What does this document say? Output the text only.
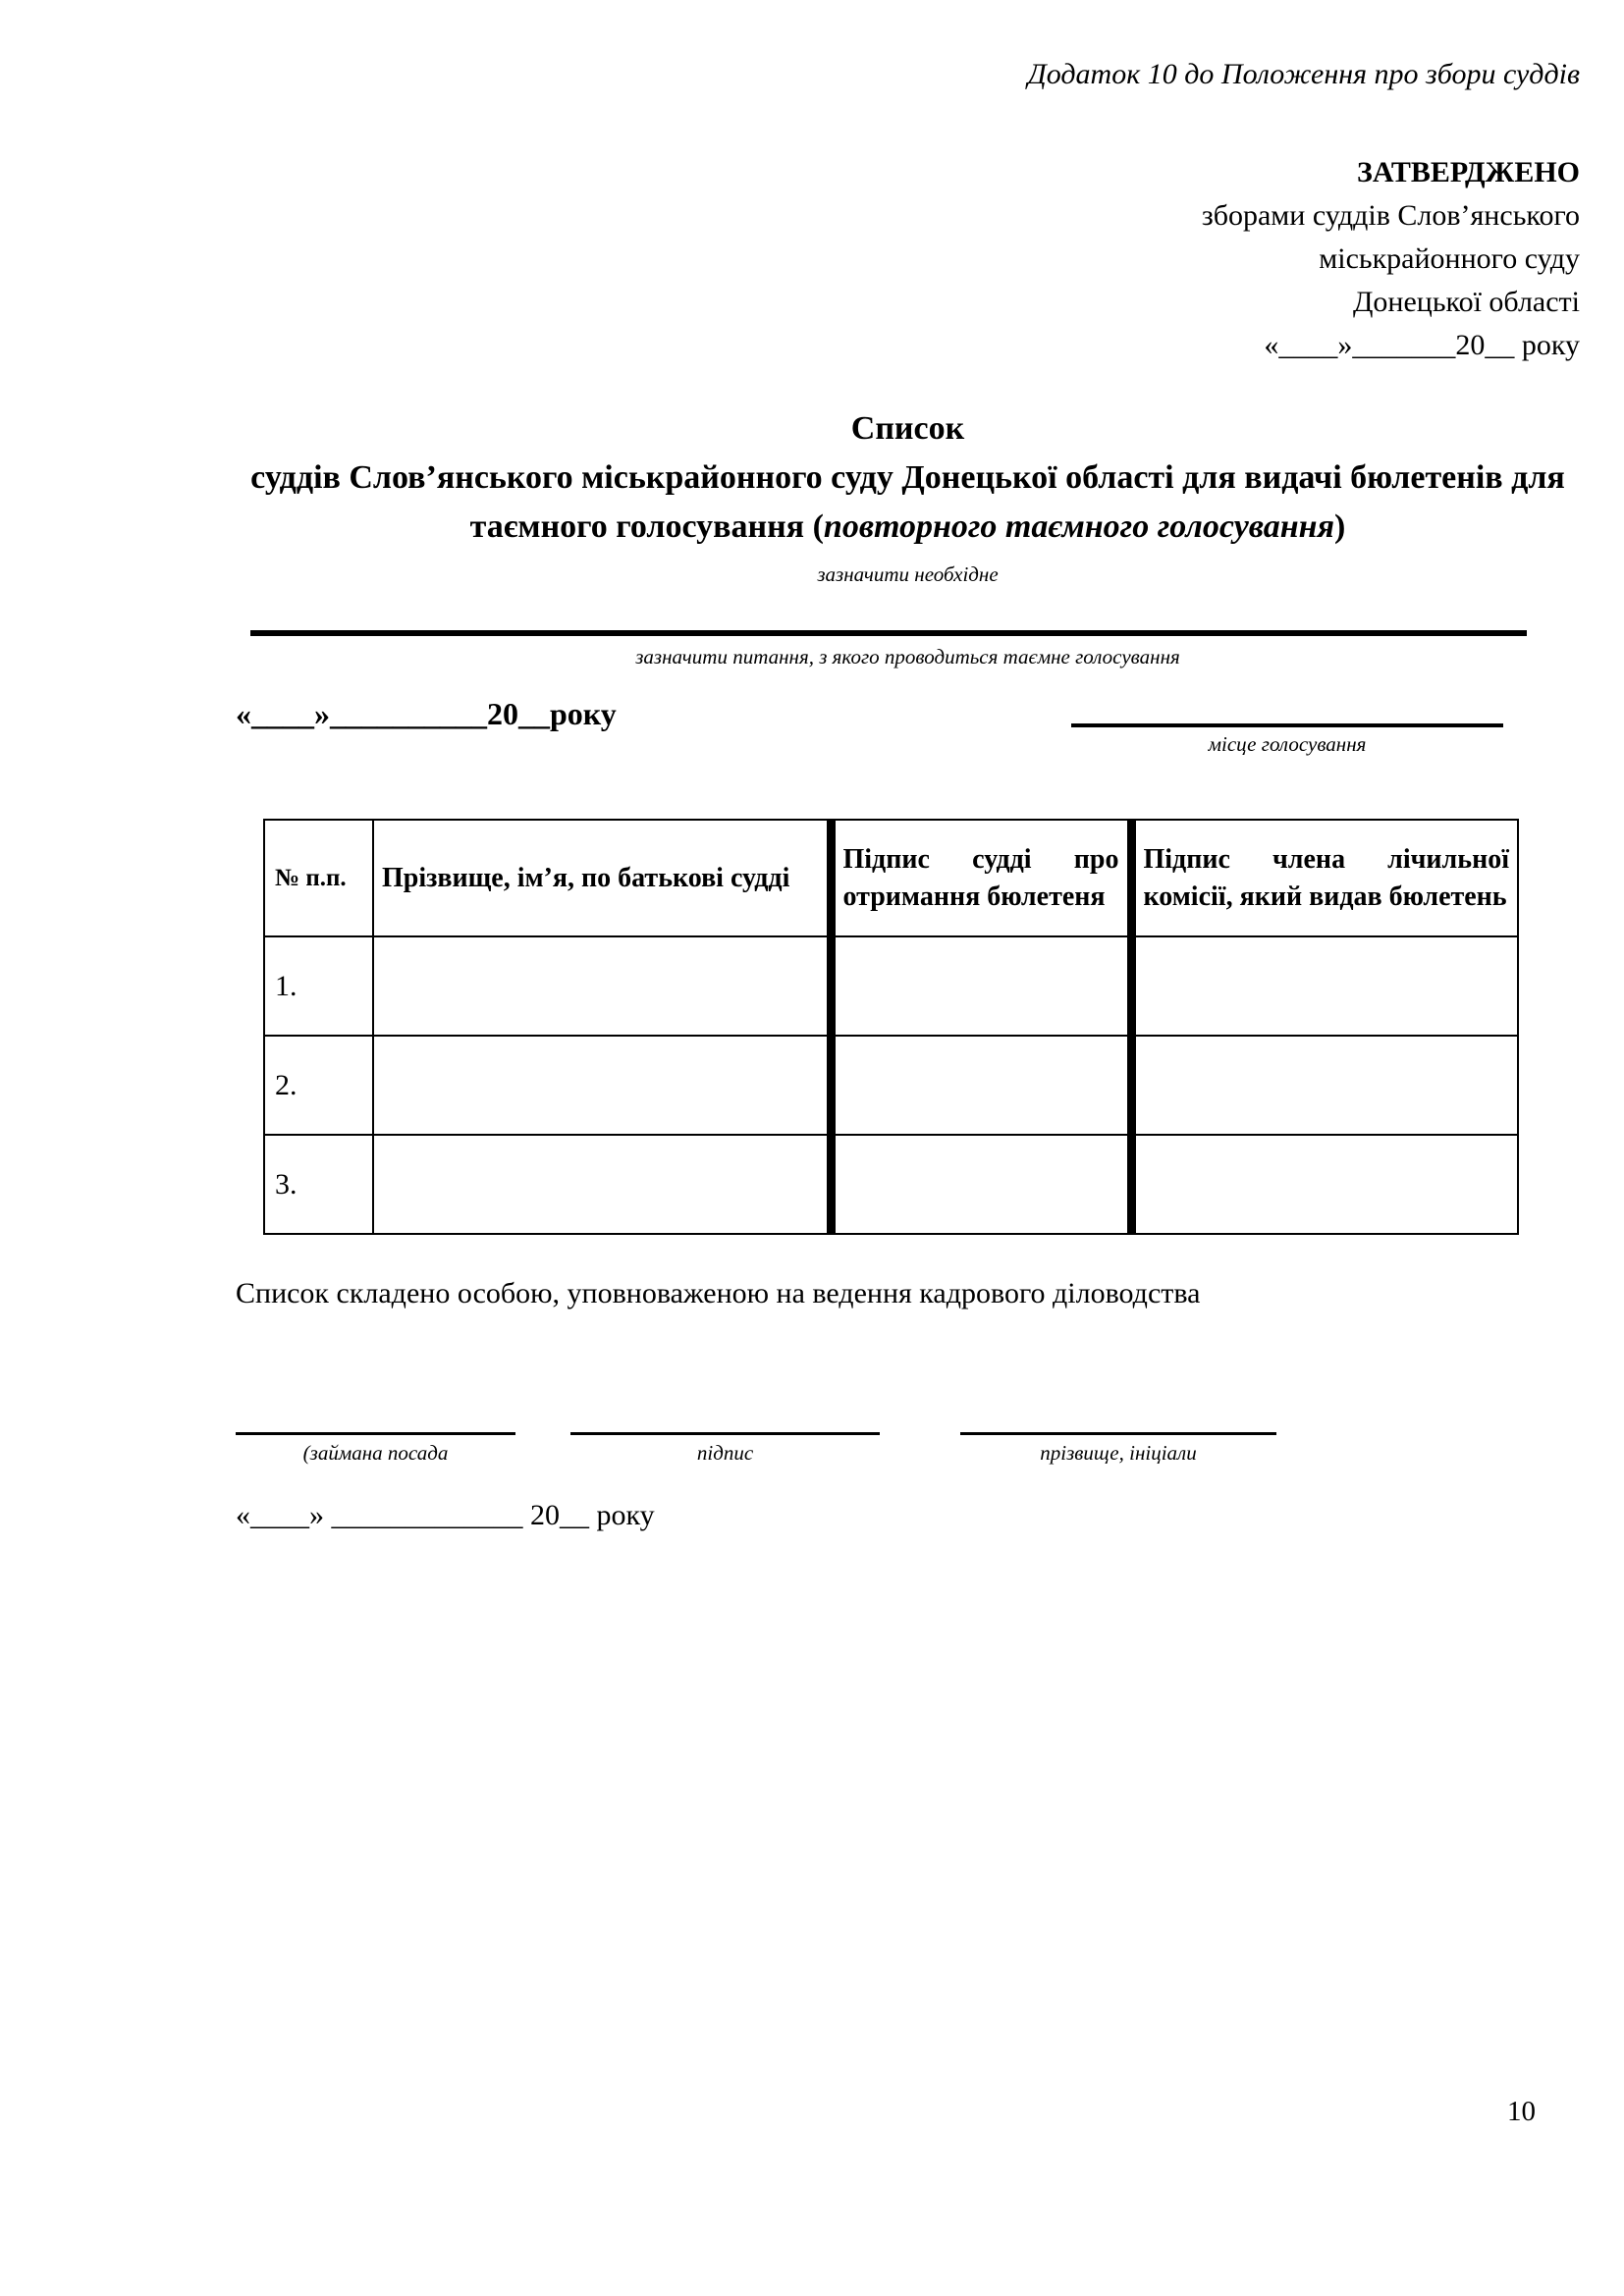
Додаток 10 до Положення про збори суддів
ЗАТВЕРДЖЕНО
зборами суддів Слов’янського
міськрайонного суду
Донецької області
«____»_______20__ року
Список
суддів Слов’янського міськрайонного суду Донецької області для видачі бюлетенів для таємного голосування (повторного таємного голосування)
зазначити необхідне
зазначити питання, з якого проводиться таємне голосування
«____»__________20__року
місце голосування
№ п.п.	Прізвище, ім’я, по батькові судді	Підпис судді про отримання бюлетеня	Підпис члена лічильної комісії, який видав бюлетень
1.			
2.			
3.			

Список складено особою, уповноваженою на ведення кадрового діловодства

(займана посада	підпис	прізвище, ініціали
«____» _____________ 20__ року
10
